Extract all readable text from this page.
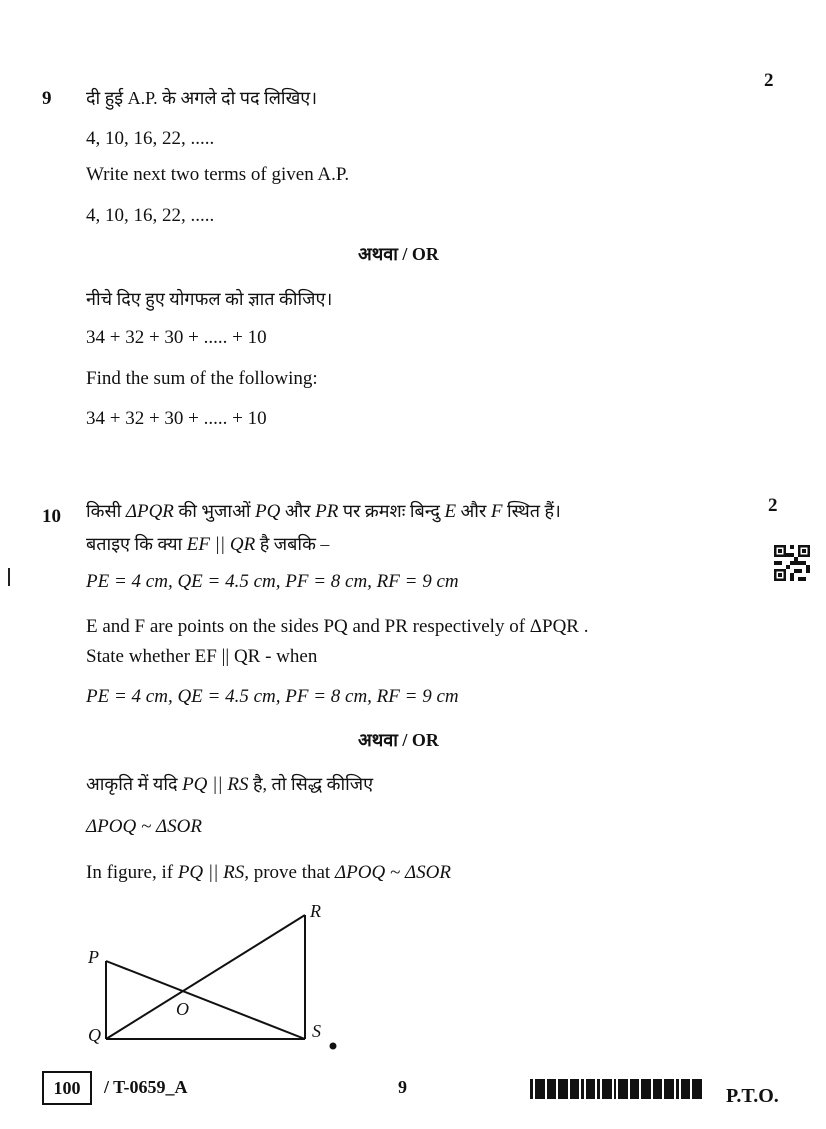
9
2
दी हुई A.P. के अगले दो पद लिखिए।
4, 10, 16, 22, .....
Write next two terms of given A.P.
4, 10, 16, 22, .....
अथवा / OR
नीचे दिए हुए योगफल को ज्ञात कीजिए।
34 + 32 + 30 + ..... + 10
Find the sum of the following:
34 + 32 + 30 + ..... + 10
10
2
किसी ΔPQR की भुजाओं PQ और PR पर क्रमशः बिन्दु E और F स्थित हैं।
बताइए कि क्या EF || QR है जबकि –
PE = 4 cm, QE = 4.5 cm, PF = 8 cm, RF = 9 cm
E and F are points on the sides PQ and PR respectively of ΔPQR .
State whether EF || QR - when
PE = 4 cm, QE = 4.5 cm, PF = 8 cm, RF = 9 cm
अथवा / OR
आकृति में यदि PQ || RS है, तो सिद्ध कीजिए
ΔPOQ ~ ΔSOR
In figure, if PQ || RS, prove that ΔPOQ ~ ΔSOR
P
Q
R
S
O
100	/ T-0659_A	9	P.T.O.
